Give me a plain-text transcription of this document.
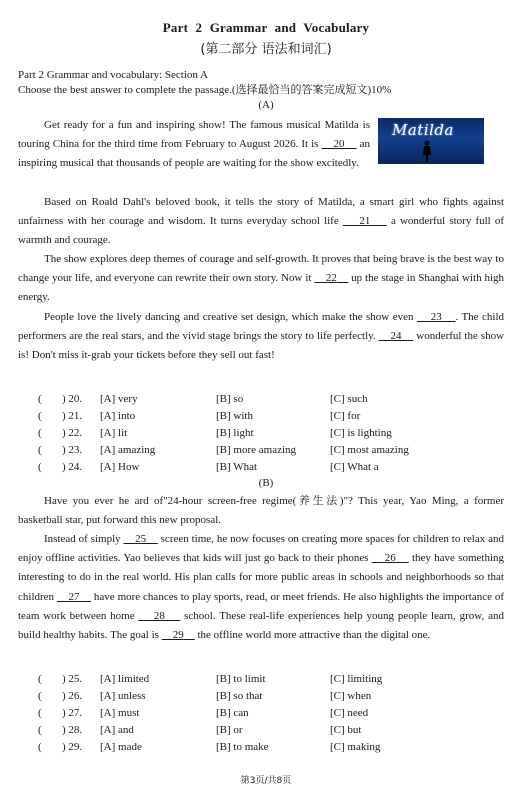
Part 2 Grammar and Vocabulary
(第二部分 语法和词汇)
Part 2 Grammar and vocabulary: Section A
Choose the best answer to complete the passage.(选择最恰当的答案完成短文)10%
(A)
Matilda

Get ready for a fun and inspiring show! The famous musical Matilda is touring China for the third time from February to August 2026. It is     20     an inspiring musical that thousands of people are waiting for the show excitedly.

Based on Roald Dahl's beloved book, it tells the story of Matilda, a smart girl who fights against unfairness with her courage and wisdom. It turns everyday school life     21     a wonderful story full of warmth and courage.

The show explores deep themes of courage and self-growth. It proves that being brave is the best way to change your life, and everyone can rewrite their own story. Now it     22     up the stage in Shanghai with high energy.

People love the lively dancing and creative set design, which make the show even     23 . The child performers are the real stars, and the vivid stage brings the story to life perfectly.     24     wonderful the show is! Don't miss it-grab your tickets before they sell out fast!

( ) 20. [A] very	[B] so	[C] such
( ) 21. [A] into	[B] with	[C] for
( ) 22. [A] lit	[B] light	[C] is lighting
( ) 23. [A] amazing	[B] more amazing	[C] most amazing
( ) 24. [A] How	[B] What	[C] What a
(B)

Have you ever he ard of"24-hour screen-free regime(养生法)"? This year, Yao Ming, a former basketball star, put forward this new proposal.

Instead of simply     25     screen time, he now focuses on creating more spaces for children to relax and enjoy offline activities. Yao believes that kids will just go back to their phones     26     they have something interesting to do in the real world. His plan calls for more public areas in schools and neighborhoods so that children     27     have more chances to play sports, read, or meet friends. He also highlights the importance of team work between home     28     school. These real-life experiences help young people learn, grow, and build healthy habits. The goal is     29     the offline world more attractive than the digital one.

( ) 25. [A] limited	[B] to limit	[C] limiting
( ) 26. [A] unless	[B] so that	[C] when
( ) 27. [A] must	[B] can	[C] need
( ) 28. [A] and	[B] or	[C] but
( ) 29. [A] made	[B] to make	[C] making
第3页/共8页
